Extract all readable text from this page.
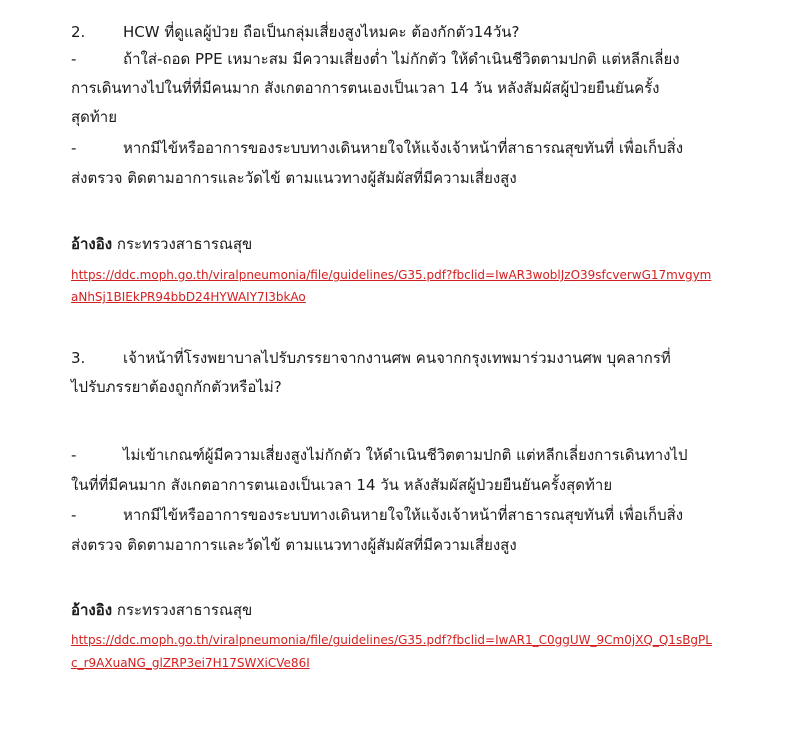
2.	HCW ที่ดูแลผู้ป่วย ถือเป็นกลุ่มเสี่ยงสูงไหมคะ ต้องกักตัว14วัน?

-	ถ้าใส่-ถอด PPE เหมาะสม มีความเสี่ยงต่ำ ไม่กักตัว ให้ดำเนินชีวิตตามปกติ แต่หลีกเลี่ยง

การเดินทางไปในที่ที่มีคนมาก สังเกตอาการตนเองเป็นเวลา 14 วัน หลังสัมผัสผู้ป่วยยืนยันครั้ง

สุดท้าย

-	หากมีไข้หรืออาการของระบบทางเดินหายใจให้แจ้งเจ้าหน้าที่สาธารณสุขทันที่ เพื่อเก็บสิ่ง

ส่งตรวจ ติดตามอาการและวัดไข้ ตามแนวทางผู้สัมผัสที่มีความเสี่ยงสูง

อ้างอิง กระทรวงสาธารณสุข

https://ddc.moph.go.th/viralpneumonia/file/guidelines/G35.pdf?fbclid=IwAR3woblJzO39sfcverwG17mvgym
aNhSj1BIEkPR94bbD24HYWAIY7I3bkAo

3.	เจ้าหน้าที่โรงพยาบาลไปรับภรรยาจากงานศพ คนจากกรุงเทพมาร่วมงานศพ บุคลากรที่

ไปรับภรรยาต้องถูกกักตัวหรือไม่?

-	ไม่เข้าเกณฑ์ผู้มีความเสี่ยงสูงไม่กักตัว ให้ดำเนินชีวิตตามปกติ แต่หลีกเลี่ยงการเดินทางไป

ในที่ที่มีคนมาก สังเกตอาการตนเองเป็นเวลา 14 วัน หลังสัมผัสผู้ป่วยยืนยันครั้งสุดท้าย

-	หากมีไข้หรืออาการของระบบทางเดินหายใจให้แจ้งเจ้าหน้าที่สาธารณสุขทันที่ เพื่อเก็บสิ่ง

ส่งตรวจ ติดตามอาการและวัดไข้ ตามแนวทางผู้สัมผัสที่มีความเสี่ยงสูง

อ้างอิง กระทรวงสาธารณสุข

https://ddc.moph.go.th/viralpneumonia/file/guidelines/G35.pdf?fbclid=IwAR1_C0ggUW_9Cm0jXQ_Q1sBgPL
c_r9AXuaNG_glZRP3ei7H17SWXiCVe86I
